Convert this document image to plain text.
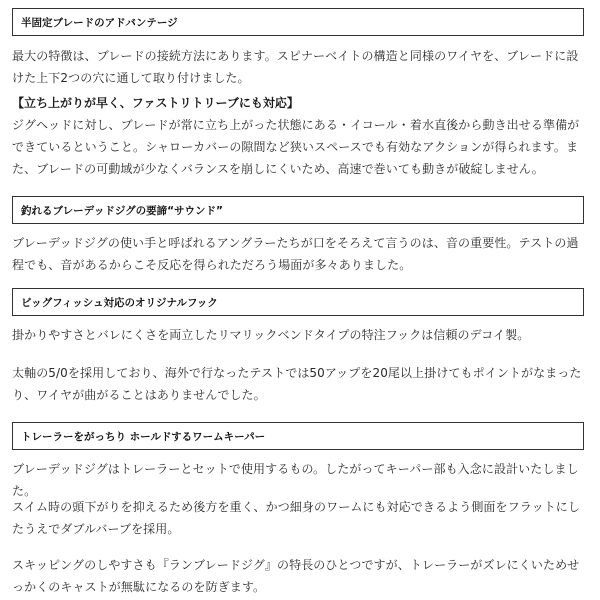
半固定ブレードのアドバンテージ

最大の特徴は、ブレードの接続方法にあります。スピナーベイトの構造と同様のワイヤを、ブレードに設けた上下2つの穴に通して取り付けました。

【立ち上がりが早く、ファストリトリーブにも対応】

ジグヘッドに対し、ブレードが常に立ち上がった状態にある・イコール・着水直後から動き出せる準備ができているということ。シャローカバーの隙間など狭いスペースでも有効なアクションが得られます。また、ブレードの可動域が少なくバランスを崩しにくいため、高速で巻いても動きが破綻しません。

釣れるブレーデッドジグの要諦“サウンド”

ブレーデッドジグの使い手と呼ばれるアングラーたちが口をそろえて言うのは、音の重要性。テストの過程でも、音があるからこそ反応を得られただろう場面が多々ありました。

ビッグフィッシュ対応のオリジナルフック

掛かりやすさとバレにくさを両立したリマリックベンドタイプの特注フックは信頼のデコイ製。

太軸の5/0を採用しており、海外で行なったテストでは50アップを20尾以上掛けてもポイントがなまったり、ワイヤが曲がることはありませんでした。

トレーラーをがっちり ホールドするワームキーパー

ブレーデッドジグはトレーラーとセットで使用するもの。したがってキーパー部も入念に設計いたしました。

スイム時の頭下がりを抑えるため後方を重く、かつ細身のワームにも対応できるよう側面をフラットにしたうえでダブルバーブを採用。

スキッピングのしやすさも『ランブレードジグ』の特長のひとつですが、トレーラーがズレにくいためせっかくのキャストが無駄になるのを防ぎます。
